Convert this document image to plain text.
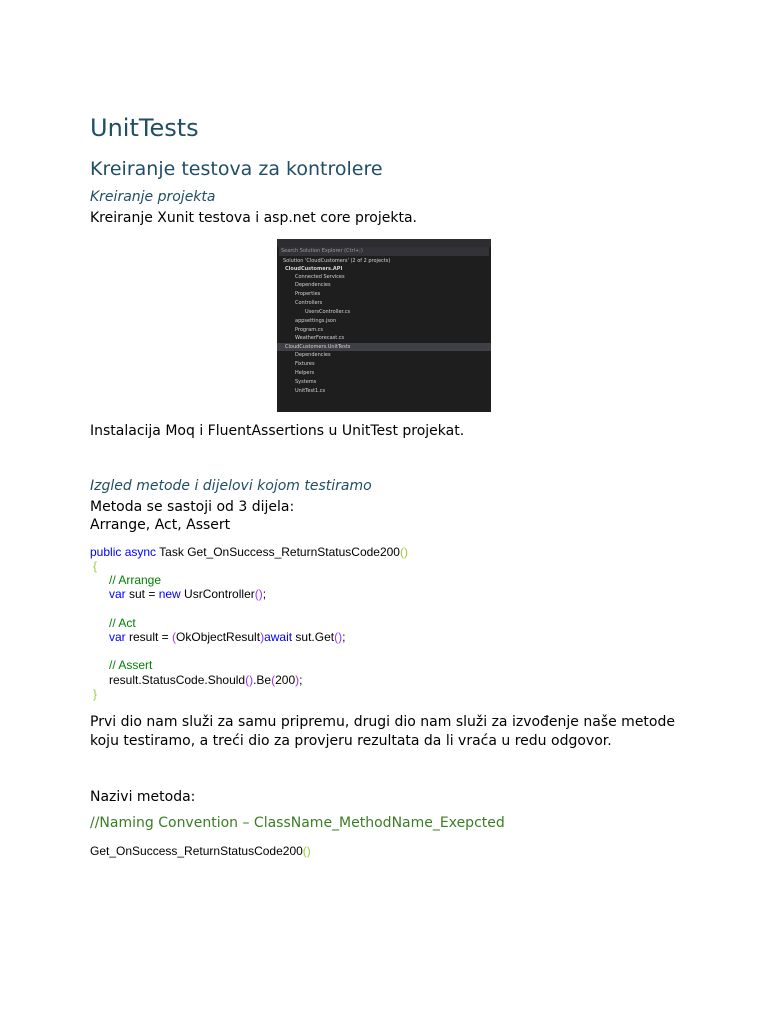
UnitTests
Kreiranje testova za kontrolere
Kreiranje projekta
Kreiranje Xunit testova i asp.net core projekta.
Search Solution Explorer (Ctrl+;)
Solution 'CloudCustomers' (2 of 2 projects)
CloudCustomers.API
Connected Services
Dependencies
Properties
Controllers
UsersController.cs
appsettings.json
Program.cs
WeatherForecast.cs
CloudCustomers.UnitTests
Dependencies
Fixtures
Helpers
Systems
UnitTest1.cs
Instalacija Moq i FluentAssertions u UnitTest projekat.
Izgled metode i dijelovi kojom testiramo
Metoda se sastoji od 3 dijela:
Arrange, Act, Assert
public async Task Get_OnSuccess_ReturnStatusCode200()
{
// Arrange
var sut = new UsrController();
// Act
var result = (OkObjectResult)await sut.Get();
// Assert
result.StatusCode.Should().Be(200);
}
Prvi dio nam služi za samu pripremu, drugi dio nam služi za izvođenje naše metode
koju testiramo, a treći dio za provjeru rezultata da li vraća u redu odgovor.
Nazivi metoda:
//Naming Convention – ClassName_MethodName_Exepcted
Get_OnSuccess_ReturnStatusCode200()
